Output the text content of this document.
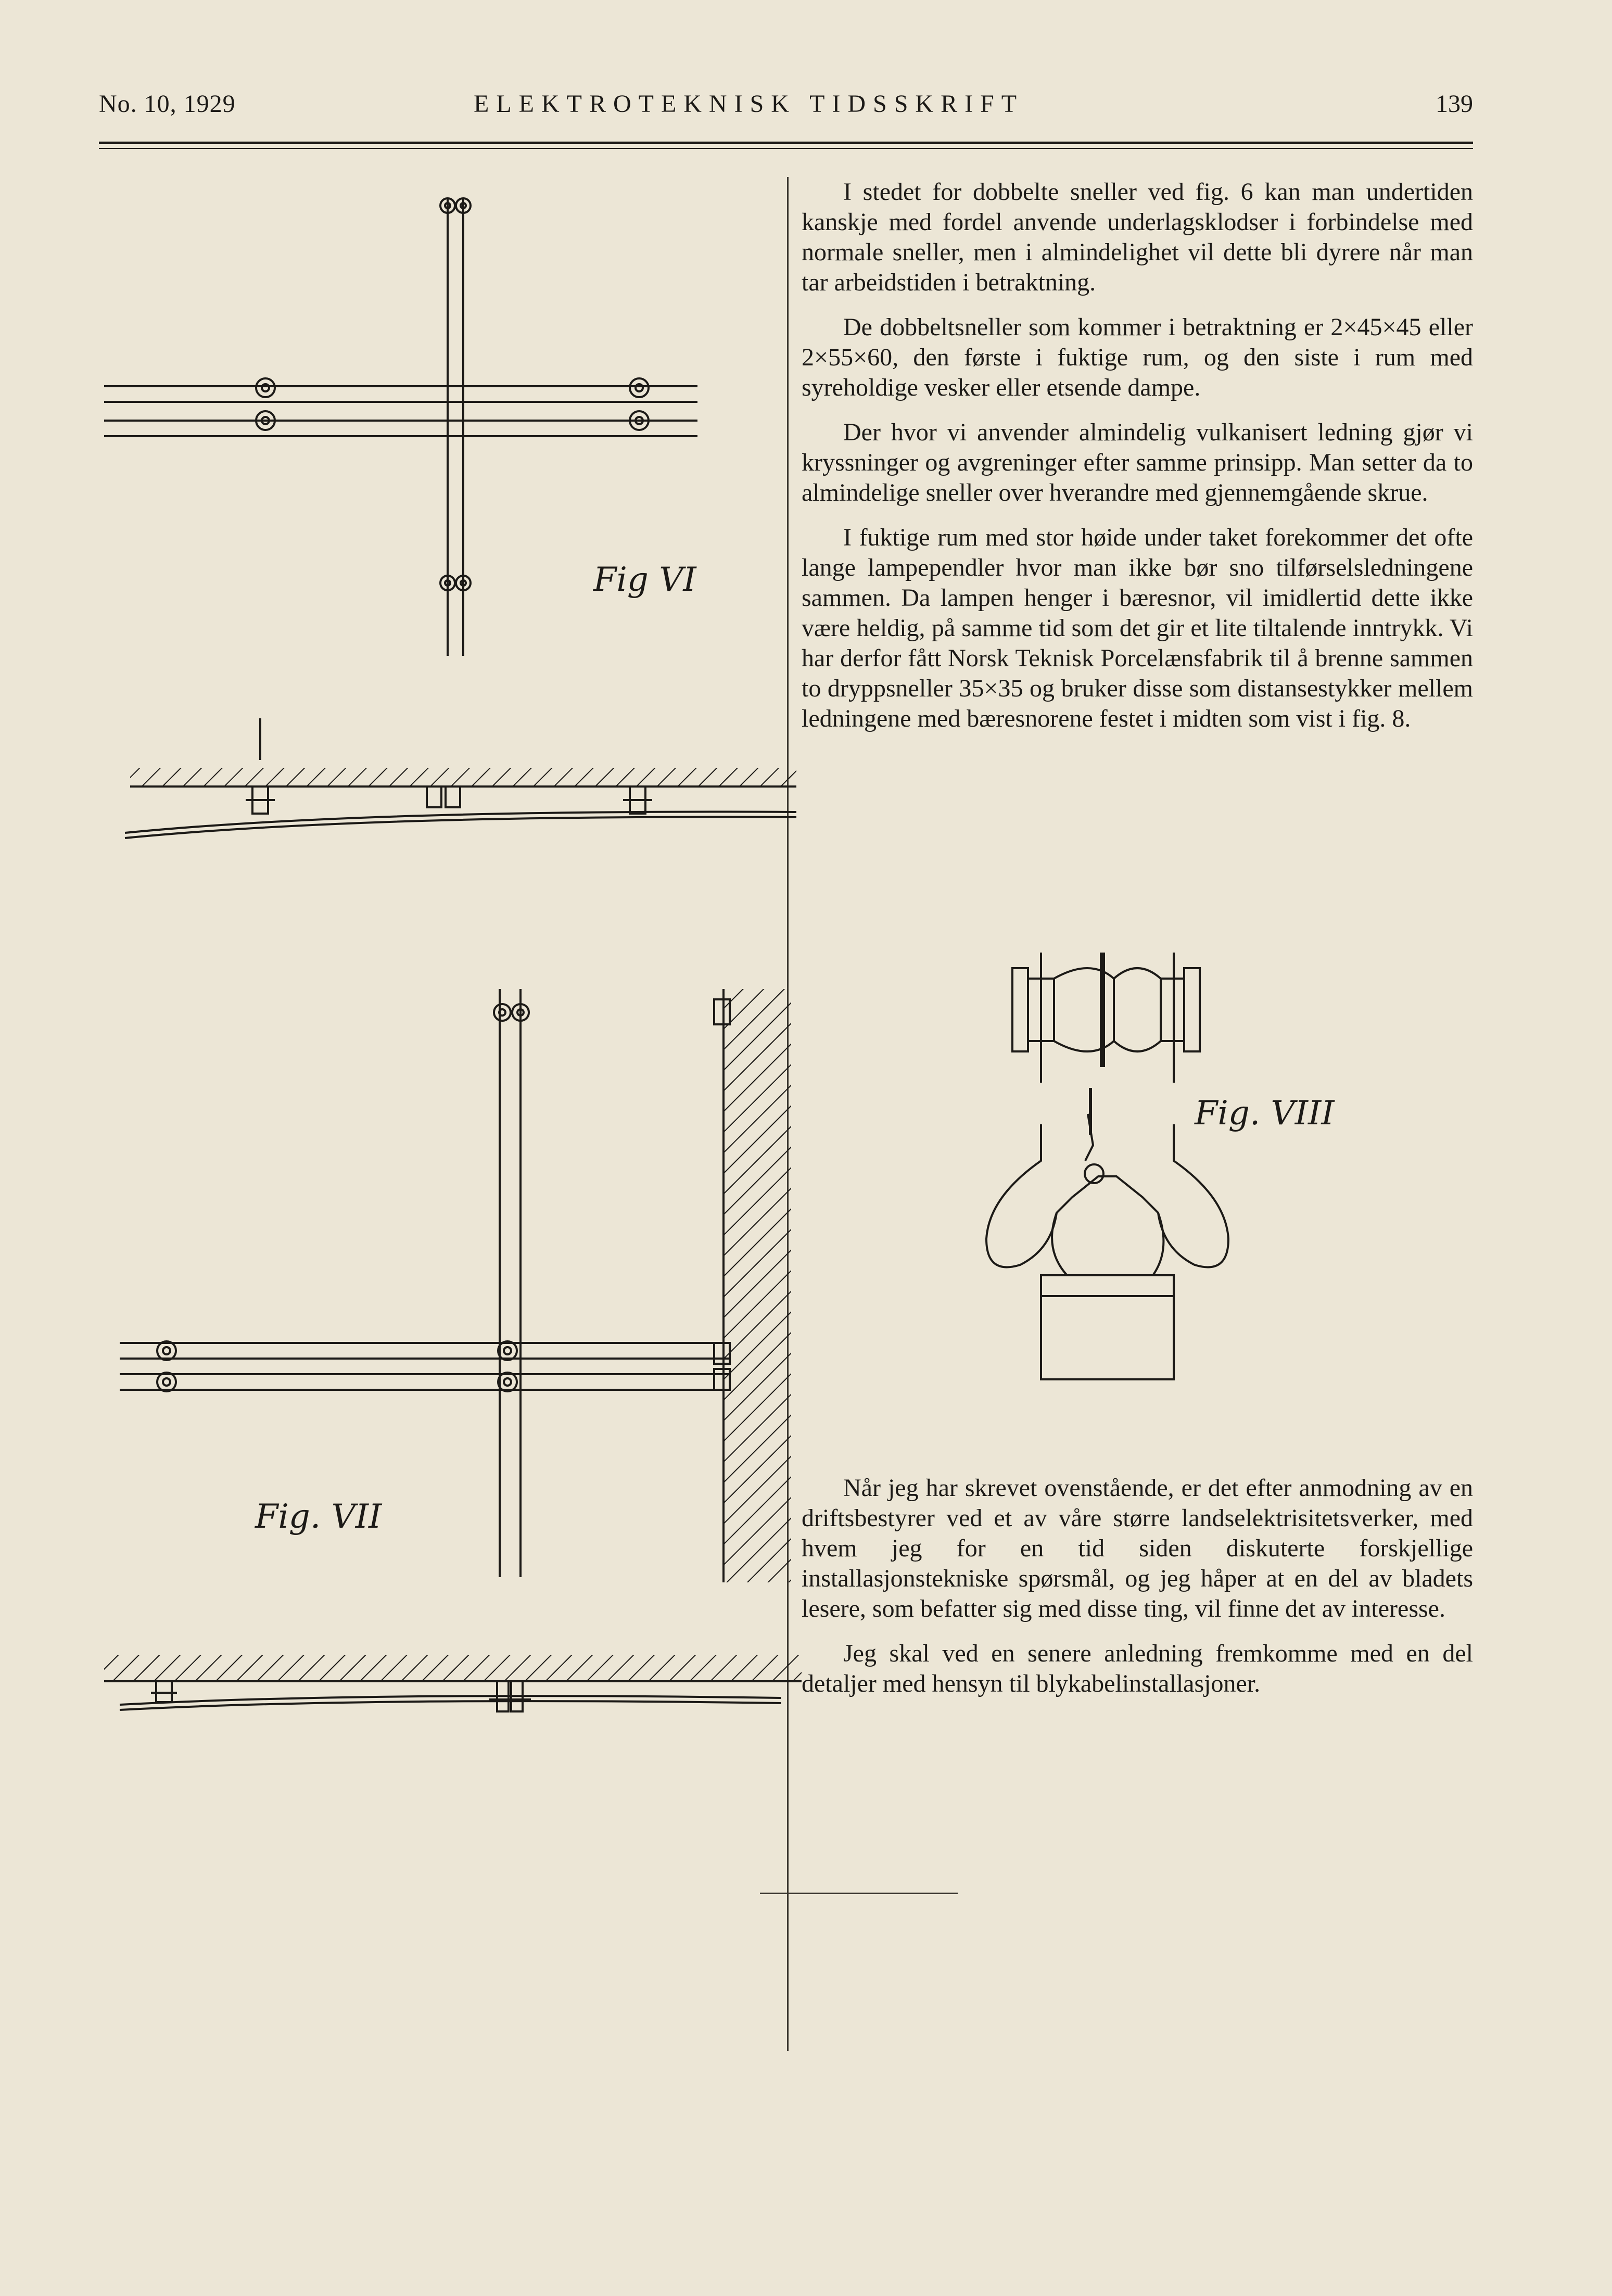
No. 10, 1929	ELEKTROTEKNISK TIDSSKRIFT	139
Fig VI
Fig. VII
Fig. VIII

I stedet for dobbelte sneller ved fig. 6 kan man undertiden kanskje med fordel anvende underlagsklodser i forbindelse med normale sneller, men i almindelighet vil dette bli dyrere når man tar arbeidstiden i betraktning.

De dobbeltsneller som kommer i betraktning er 2×45×45 eller 2×55×60, den første i fuktige rum, og den siste i rum med syreholdige vesker eller etsende dampe.

Der hvor vi anvender almindelig vulkanisert ledning gjør vi kryssninger og avgreninger efter samme prinsipp. Man setter da to almindelige sneller over hverandre med gjennemgående skrue.

I fuktige rum med stor høide under taket forekommer det ofte lange lampependler hvor man ikke bør sno tilførselsledningene sammen. Da lampen henger i bæresnor, vil imidlertid dette ikke være heldig, på samme tid som det gir et lite tiltalende inntrykk. Vi har derfor fått Norsk Teknisk Porcelænsfabrik til å brenne sammen to dryppsneller 35×35 og bruker disse som distansestykker mellem ledningene med bæresnorene festet i midten som vist i fig. 8.

Når jeg har skrevet ovenstående, er det efter anmodning av en driftsbestyrer ved et av våre større landselektrisitetsverker, med hvem jeg for en tid siden diskuterte forskjellige installasjonstekniske spørsmål, og jeg håper at en del av bladets lesere, som befatter sig med disse ting, vil finne det av interesse.

Jeg skal ved en senere anledning fremkomme med en del detaljer med hensyn til blykabelinstallasjoner.
